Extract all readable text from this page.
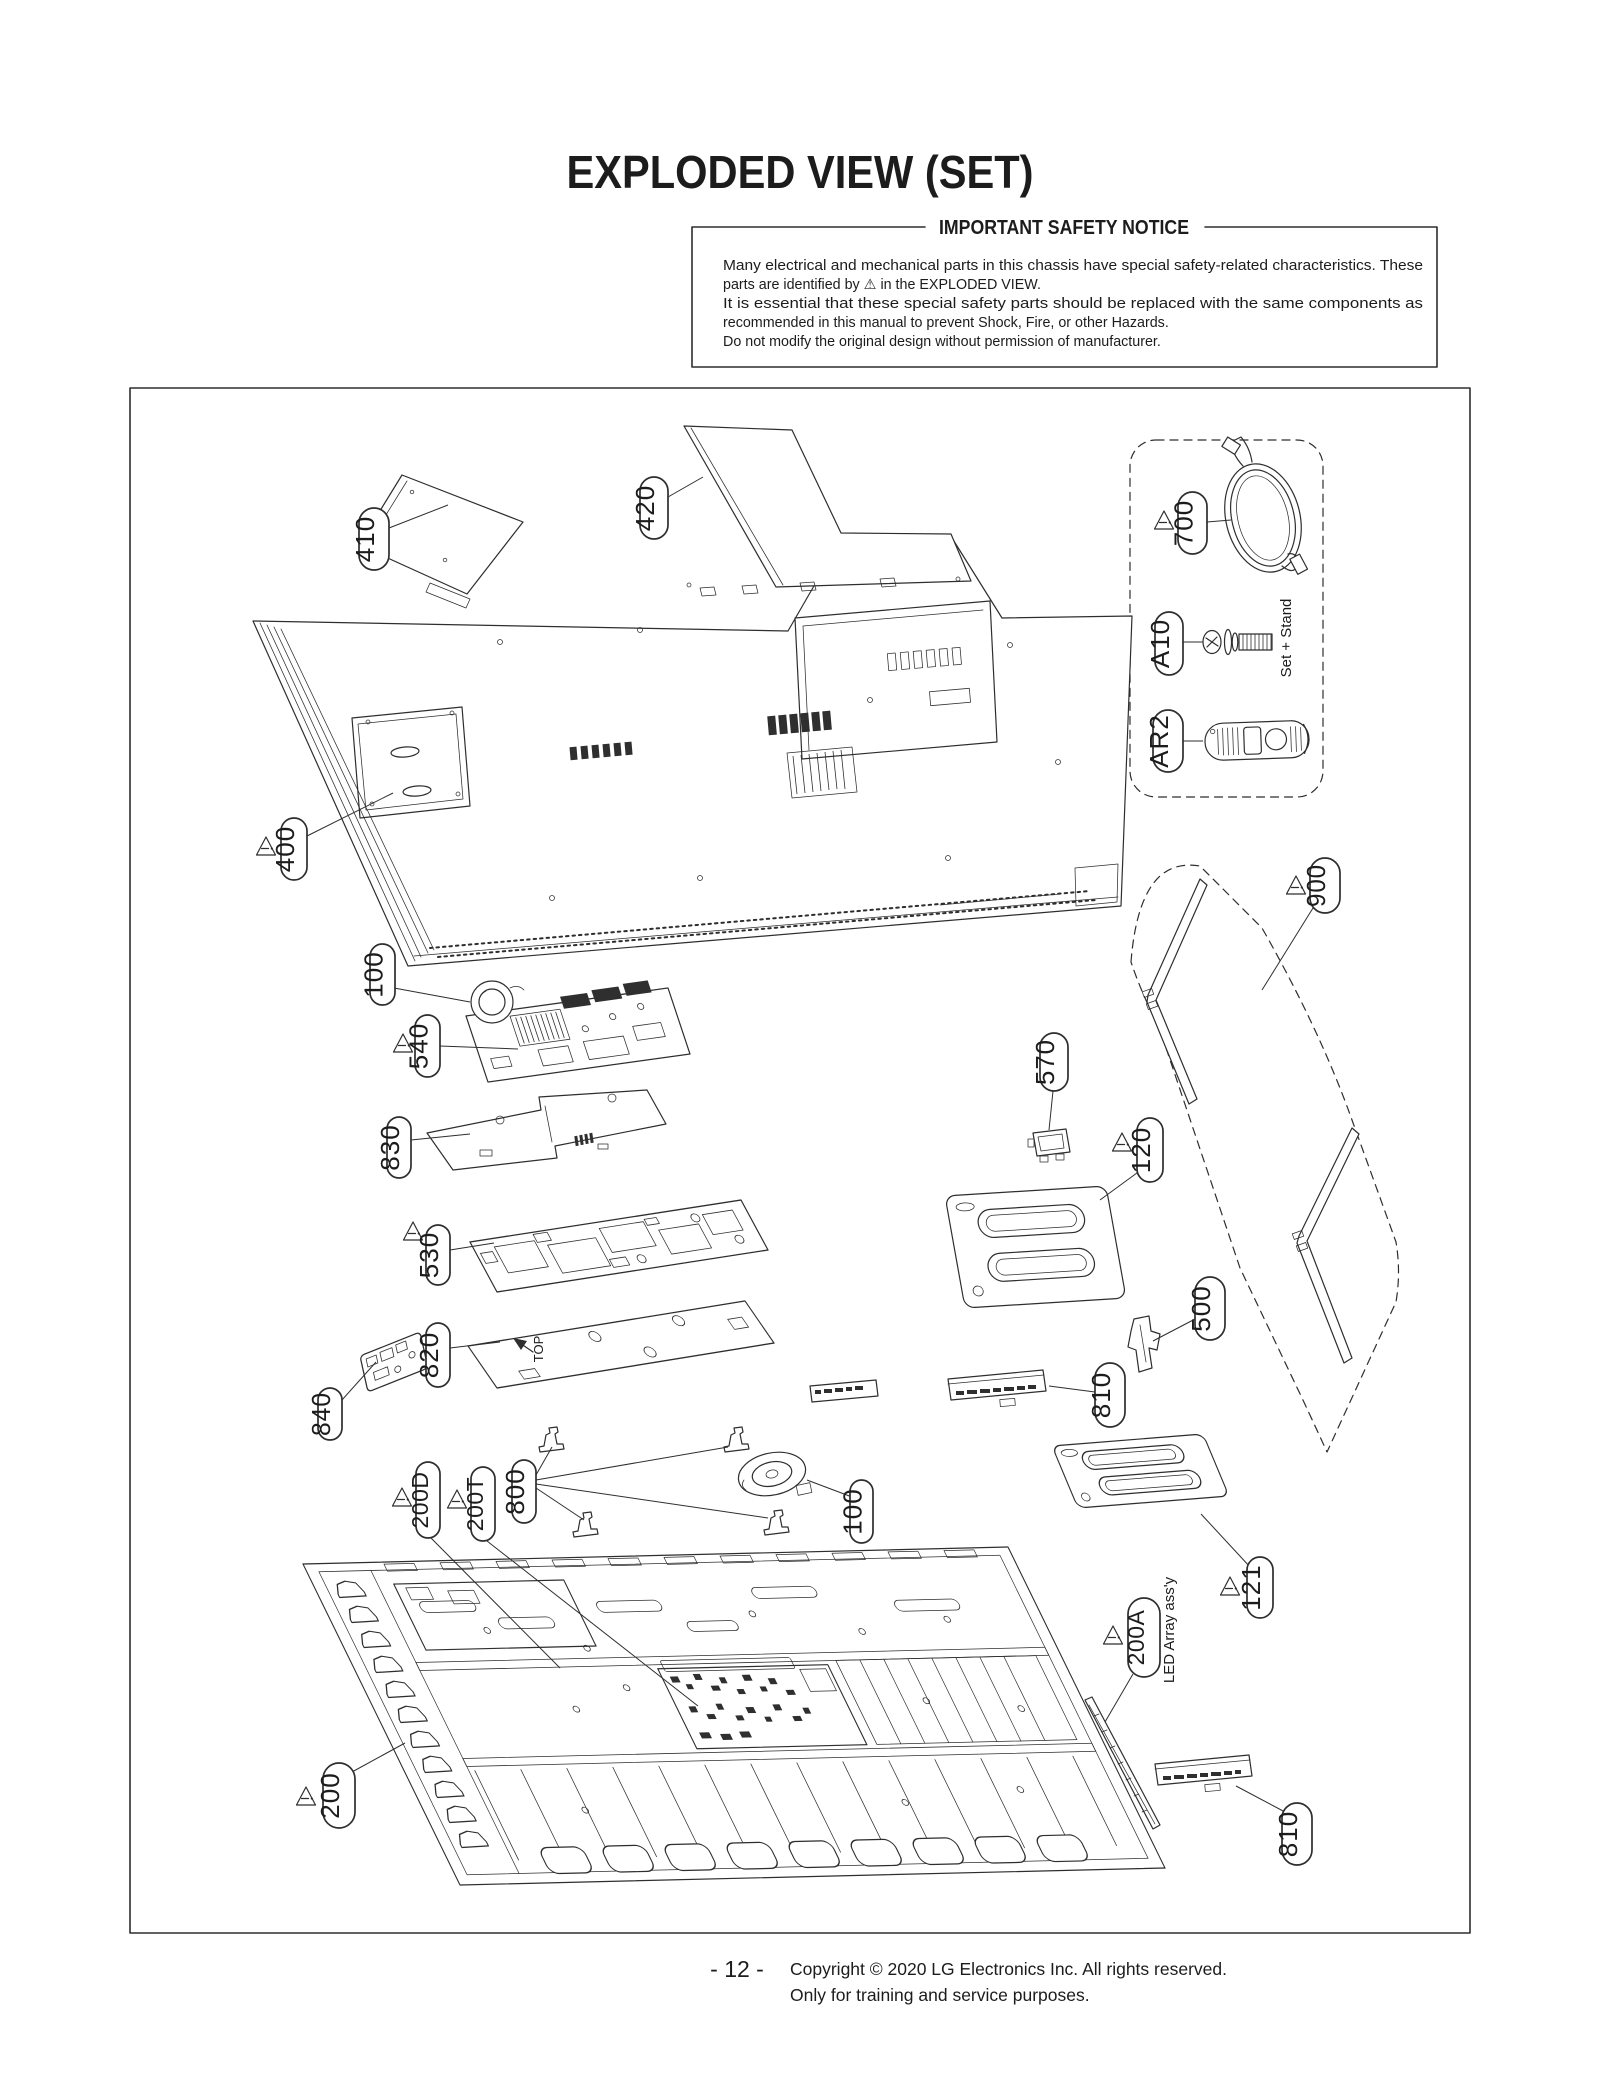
EXPLODED VIEW (SET)
IMPORTANT SAFETY NOTICE
Many electrical and mechanical parts in this chassis have special safety-related characteristics. These
parts are identified by ⚠ in the EXPLODED VIEW.
It is essential that these special safety parts should be replaced with the same components as
recommended in this manual to prevent Shock, Fire, or other Hazards.
Do not modify the original design without permission of manufacturer.
Set + Stand
TOP
410
420	700
A10
AR2
400
100
540
830
530
820
840
570
120
900
500
810
200D 200T 800	100
121
200A LED Array ass'y
200
810
- 12 - Copyright © 2020 LG Electronics Inc. All rights reserved.
Only for training and service purposes.
